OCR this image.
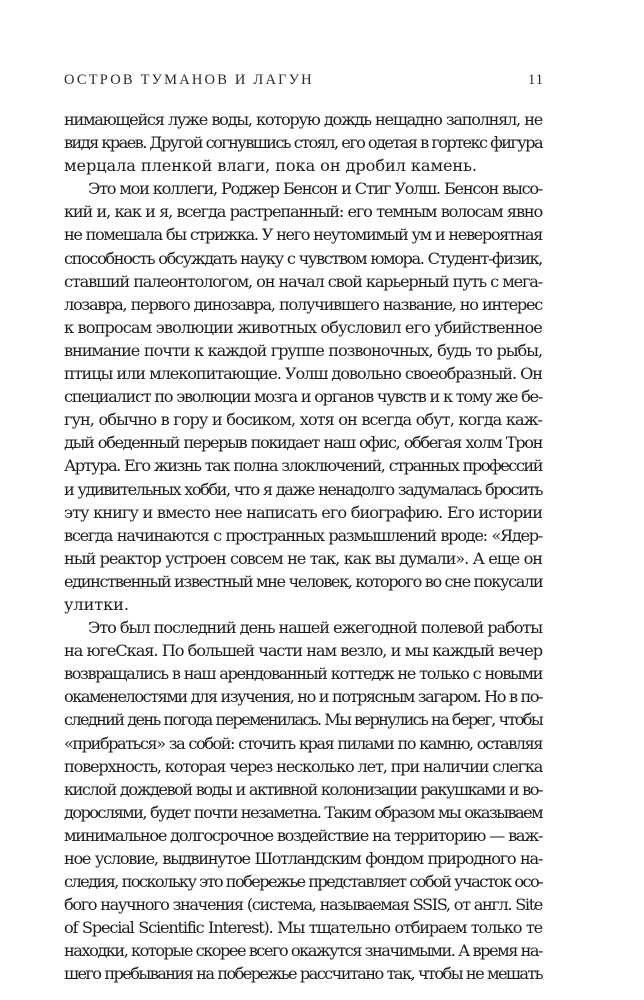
ОСТРОВ ТУМАНОВ И ЛАГУН	11
нимающейся луже воды, которую дождь нещадно заполнял, не
видя краев. Другой согнувшись стоял, его одетая в гортекс фигура
мерцала пленкой влаги, пока он дробил камень.
Это мои коллеги, Роджер Бенсон и Стиг Уолш. Бенсон высо-
кий и, как и я, всегда растрепанный: его темным волосам явно
не помешала бы стрижка. У него неутомимый ум и невероятная
способность обсуждать науку с чувством юмора. Студент-физик,
ставший палеонтологом, он начал свой карьерный путь с мега-
лозавра, первого динозавра, получившего название, но интерес
к вопросам эволюции животных обусловил его убийственное
внимание почти к каждой группе позвоночных, будь то рыбы,
птицы или млекопитающие. Уолш довольно своеобразный. Он
специалист по эволюции мозга и органов чувств и к тому же бе-
гун, обычно в гору и босиком, хотя он всегда обут, когда каж-
дый обеденный перерыв покидает наш офис, оббегая холм Трон
Артура. Его жизнь так полна злоключений, странных профессий
и удивительных хобби, что я даже ненадолго задумалась бросить
эту книгу и вместо нее написать его биографию. Его истории
всегда начинаются с пространных размышлений вроде: «Ядер-
ный реактор устроен совсем не так, как вы думали». А еще он
единственный известный мне человек, которого во сне покусали
улитки.
Это был последний день нашей ежегодной полевой работы
на югеСкая. По большей части нам везло, и мы каждый вечер
возвращались в наш арендованный коттедж не только с новыми
окаменелостями для изучения, но и потрясным загаром. Но в по-
следний день погода переменилась. Мы вернулись на берег, чтобы
«прибраться» за собой: сточить края пилами по камню, оставляя
поверхность, которая через несколько лет, при наличии слегка
кислой дождевой воды и активной колонизации ракушками и во-
дорослями, будет почти незаметна. Таким образом мы оказываем
минимальное долгосрочное воздействие на территорию — важ-
ное условие, выдвинутое Шотландским фондом природного на-
следия, поскольку это побережье представляет собой участок осо-
бого научного значения (система, называемая SSIS, от англ. Site
of Special Scientific Interest). Мы тщательно отбираем только те
находки, которые скорее всего окажутся значимыми. А время на-
шего пребывания на побережье рассчитано так, чтобы не мешать
